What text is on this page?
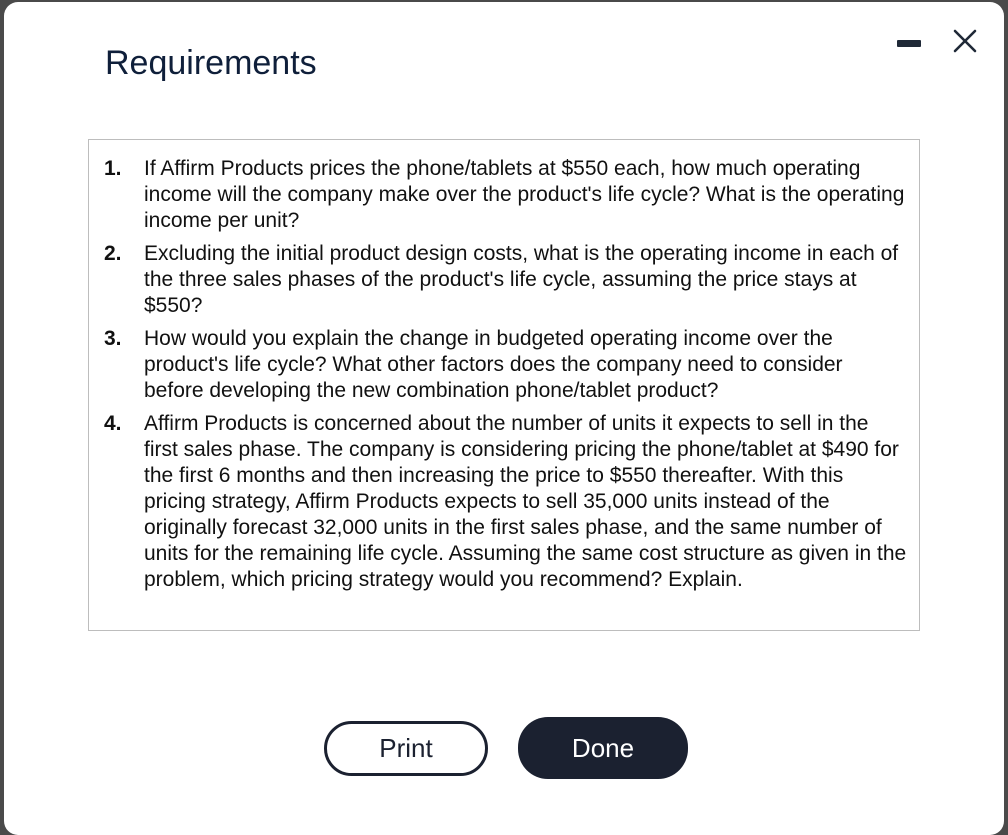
Requirements
1. If Affirm Products prices the phone/tablets at $550 each, how much operating income will the company make over the product's life cycle? What is the operating income per unit?
2. Excluding the initial product design costs, what is the operating income in each of the three sales phases of the product's life cycle, assuming the price stays at $550?
3. How would you explain the change in budgeted operating income over the product's life cycle? What other factors does the company need to consider before developing the new combination phone/tablet product?
4. Affirm Products is concerned about the number of units it expects to sell in the first sales phase. The company is considering pricing the phone/tablet at $490 for the first 6 months and then increasing the price to $550 thereafter. With this pricing strategy, Affirm Products expects to sell 35,000 units instead of the originally forecast 32,000 units in the first sales phase, and the same number of units for the remaining life cycle. Assuming the same cost structure as given in the problem, which pricing strategy would you recommend? Explain.
Print	Done
